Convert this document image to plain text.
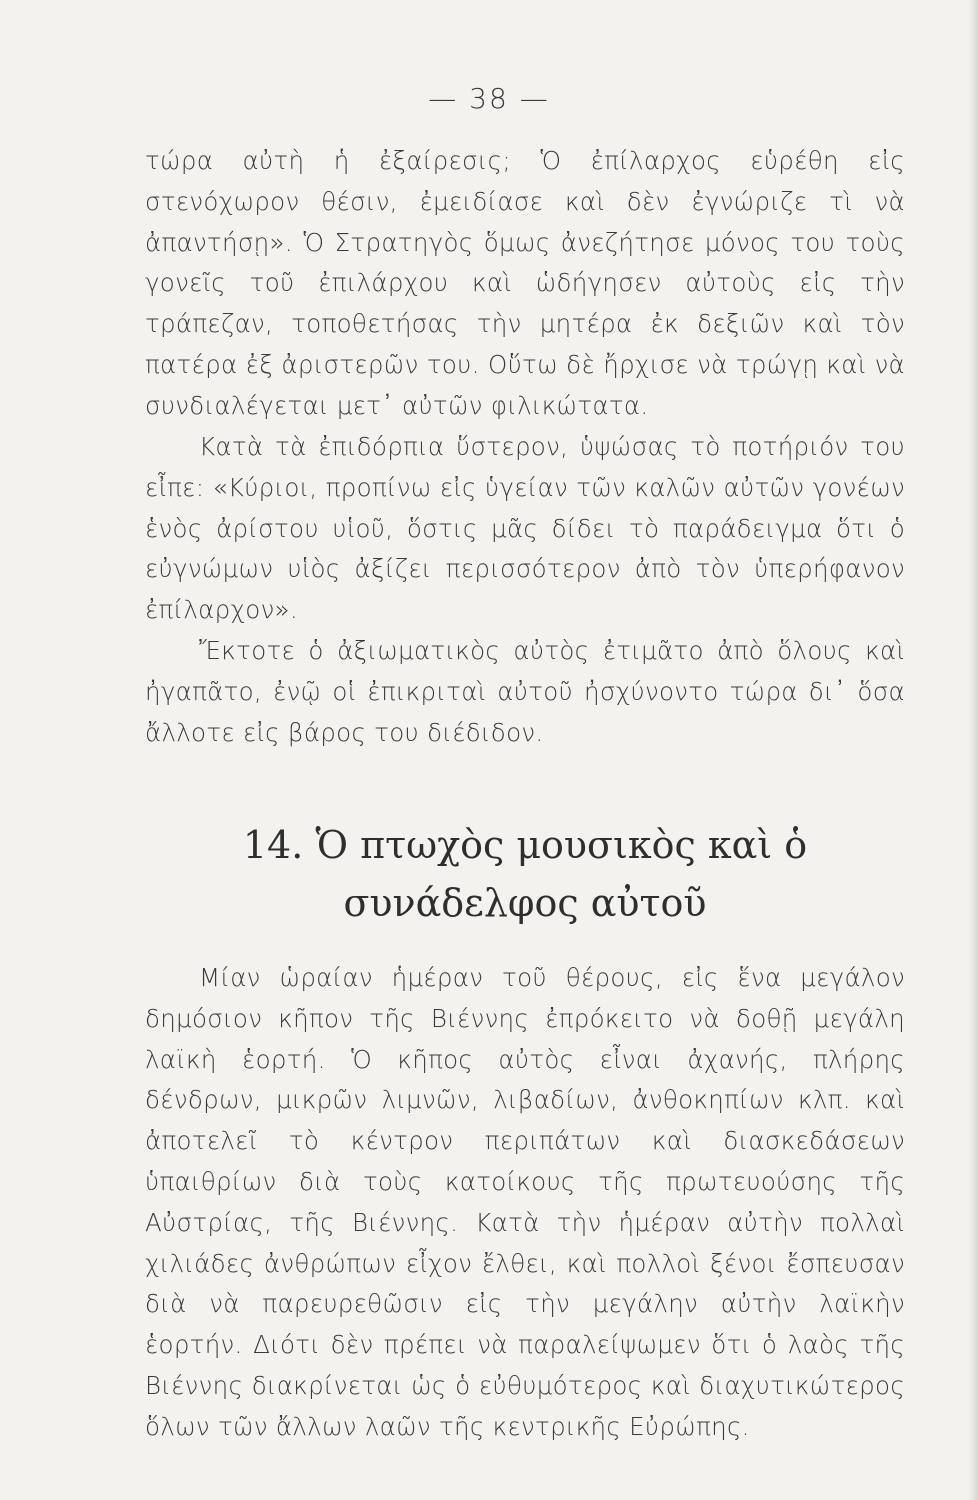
— 38 —

τώρα αὐτὴ ἡ ἐξαίρεσις; Ὁ ἐπίλαρχος εὑρέθη εἰς στενόχωρον θέσιν, ἐμειδίασε καὶ δὲν ἐγνώριζε τὶ νὰ ἀπαντήσῃ». Ὁ Στρατηγὸς ὅμως ἀνεζήτησε μόνος του τοὺς γονεῖς τοῦ ἐπιλάρχου καὶ ὡδήγησεν αὐτοὺς εἰς τὴν τράπεζαν, τοποθετήσας τὴν μητέρα ἐκ δεξιῶν καὶ τὸν πατέρα ἐξ ἀριστερῶν του. Οὕτω δὲ ἤρχισε νὰ τρώγῃ καὶ νὰ συνδιαλέγεται μετ᾽ αὐτῶν φιλικώτατα.

Κατὰ τὰ ἐπιδόρπια ὕστερον, ὑψώσας τὸ ποτήριόν του εἶπε: «Κύριοι, προπίνω εἰς ὑγείαν τῶν καλῶν αὐτῶν γονέων ἑνὸς ἀρίστου υἱοῦ, ὅστις μᾶς δίδει τὸ παράδειγμα ὅτι ὁ εὐγνώμων υἱὸς ἀξίζει περισσότερον ἀπὸ τὸν ὑπερήφανον ἐπίλαρχον».

Ἔκτοτε ὁ ἀξιωματικὸς αὐτὸς ἐτιμᾶτο ἀπὸ ὅλους καὶ ἠγαπᾶτο, ἐνῷ οἱ ἐπικριταὶ αὐτοῦ ἠσχύνοντο τώρα δι᾽ ὅσα ἄλλοτε εἰς βάρος του διέδιδον.

14. Ὁ πτωχὸς μουσικὸς καὶ ὁ
συνάδελφος αὐτοῦ

Μίαν ὡραίαν ἡμέραν τοῦ θέρους, εἰς ἕνα μεγάλον δημόσιον κῆπον τῆς Βιέννης ἐπρόκειτο νὰ δοθῇ μεγάλη λαϊκὴ ἑορτή. Ὁ κῆπος αὐτὸς εἶναι ἀχανής, πλήρης δένδρων, μικρῶν λιμνῶν, λιβαδίων, ἀνθοκηπίων κλπ. καὶ ἀποτελεῖ τὸ κέντρον περιπάτων καὶ διασκεδάσεων ὑπαιθρίων διὰ τοὺς κατοίκους τῆς πρωτευούσης τῆς Αὐστρίας, τῆς Βιέννης. Κατὰ τὴν ἡμέραν αὐτὴν πολλαὶ χιλιάδες ἀνθρώπων εἶχον ἔλθει, καὶ πολλοὶ ξένοι ἔσπευσαν διὰ νὰ παρευρεθῶσιν εἰς τὴν μεγάλην αὐτὴν λαϊκὴν ἑορτήν. Διότι δὲν πρέπει νὰ παραλείψωμεν ὅτι ὁ λαὸς τῆς Βιέννης διακρίνεται ὡς ὁ εὐθυμότερος καὶ διαχυτικώτερος ὅλων τῶν ἄλλων λαῶν τῆς κεντρικῆς Εὐρώπης.
